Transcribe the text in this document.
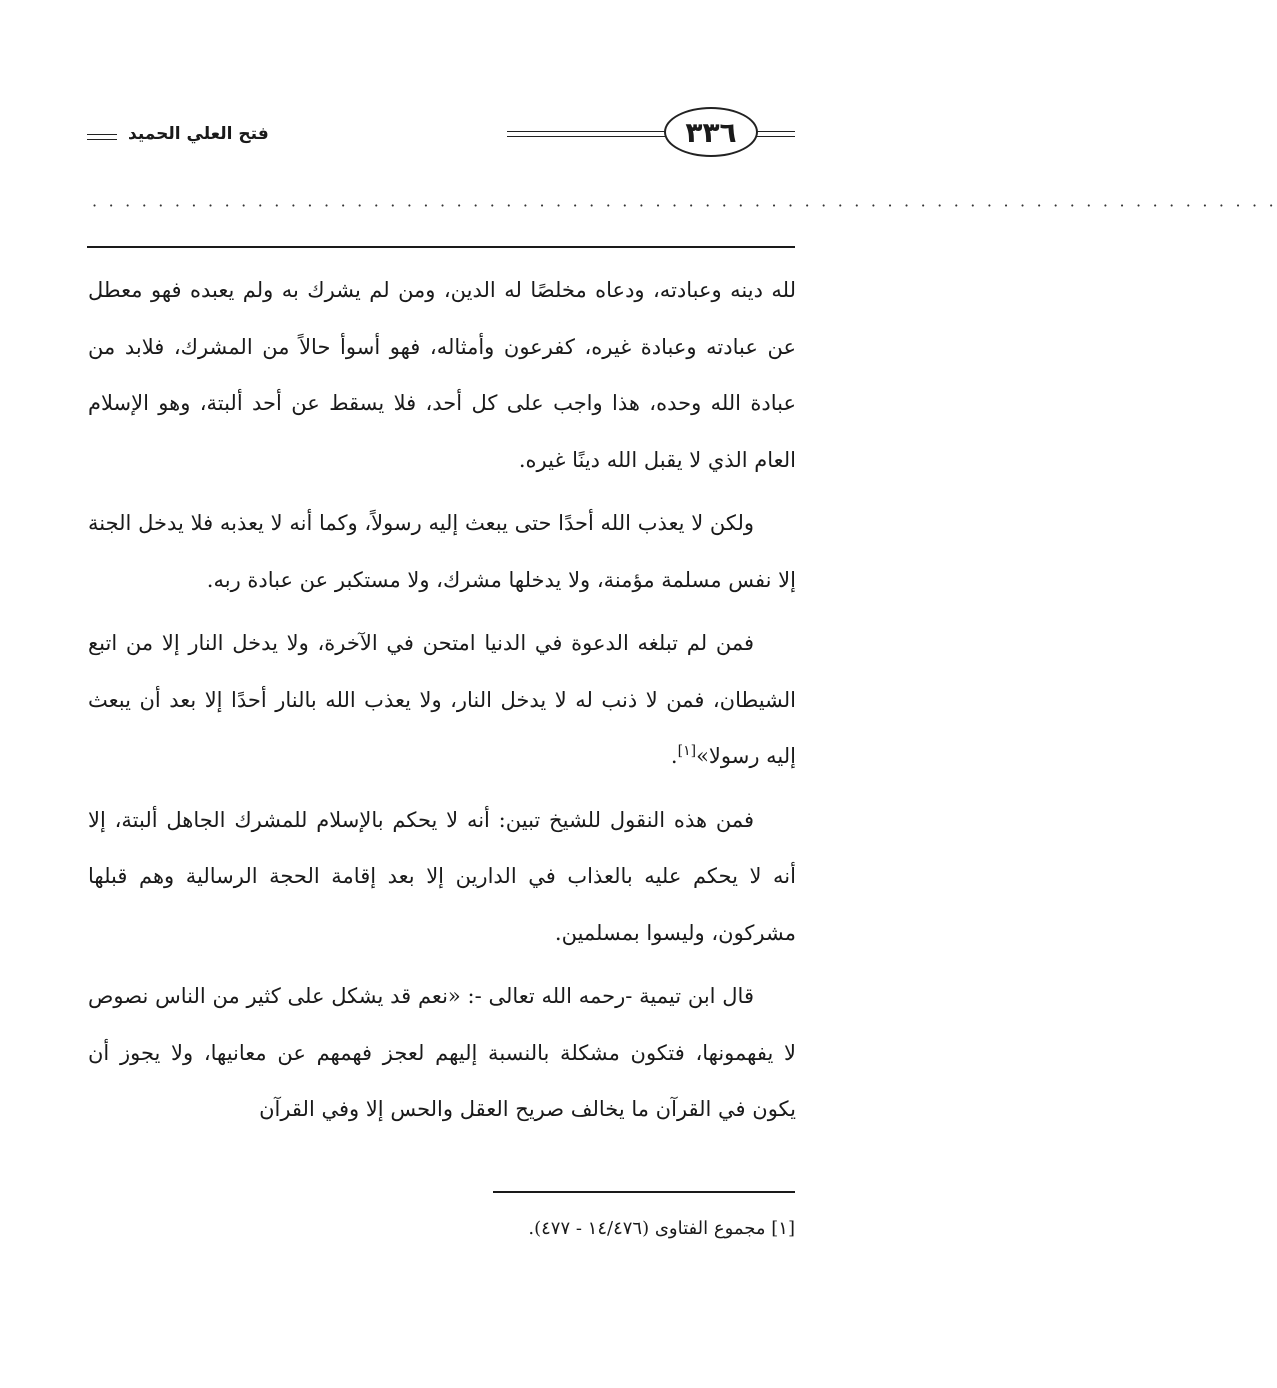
فتح العلي الحميد	٣٣٦
· · · · · · · · · · · · · · · · · · · · · · · · · · · · · · · · · · · · · · · · · · · · · · · · · · · · · · · · · · · · · · · · · · · · · · · ·

لله دينه وعبادته، ودعاه مخلصًا له الدين، ومن لم يشرك به ولم يعبده فهو معطل عن عبادته وعبادة غيره، كفرعون وأمثاله، فهو أسوأ حالاً من المشرك، فلابد من عبادة الله وحده، هذا واجب على كل أحد، فلا يسقط عن أحد ألبتة، وهو الإسلام العام الذي لا يقبل الله دينًا غيره.

ولكن لا يعذب الله أحدًا حتى يبعث إليه رسولاً، وكما أنه لا يعذبه فلا يدخل الجنة إلا نفس مسلمة مؤمنة، ولا يدخلها مشرك، ولا مستكبر عن عبادة ربه.

فمن لم تبلغه الدعوة في الدنيا امتحن في الآخرة، ولا يدخل النار إلا من اتبع الشيطان، فمن لا ذنب له لا يدخل النار، ولا يعذب الله بالنار أحدًا إلا بعد أن يبعث إليه رسولا»[١].

فمن هذه النقول للشيخ تبين: أنه لا يحكم بالإسلام للمشرك الجاهل ألبتة، إلا أنه لا يحكم عليه بالعذاب في الدارين إلا بعد إقامة الحجة الرسالية وهم قبلها مشركون، وليسوا بمسلمين.

قال ابن تيمية -رحمه الله تعالى -: «نعم قد يشكل على كثير من الناس نصوص لا يفهمونها، فتكون مشكلة بالنسبة إليهم لعجز فهمهم عن معانيها، ولا يجوز أن يكون في القرآن ما يخالف صريح العقل والحس إلا وفي القرآن

[١] مجموع الفتاوى (١٤/٤٧٦ - ٤٧٧).
